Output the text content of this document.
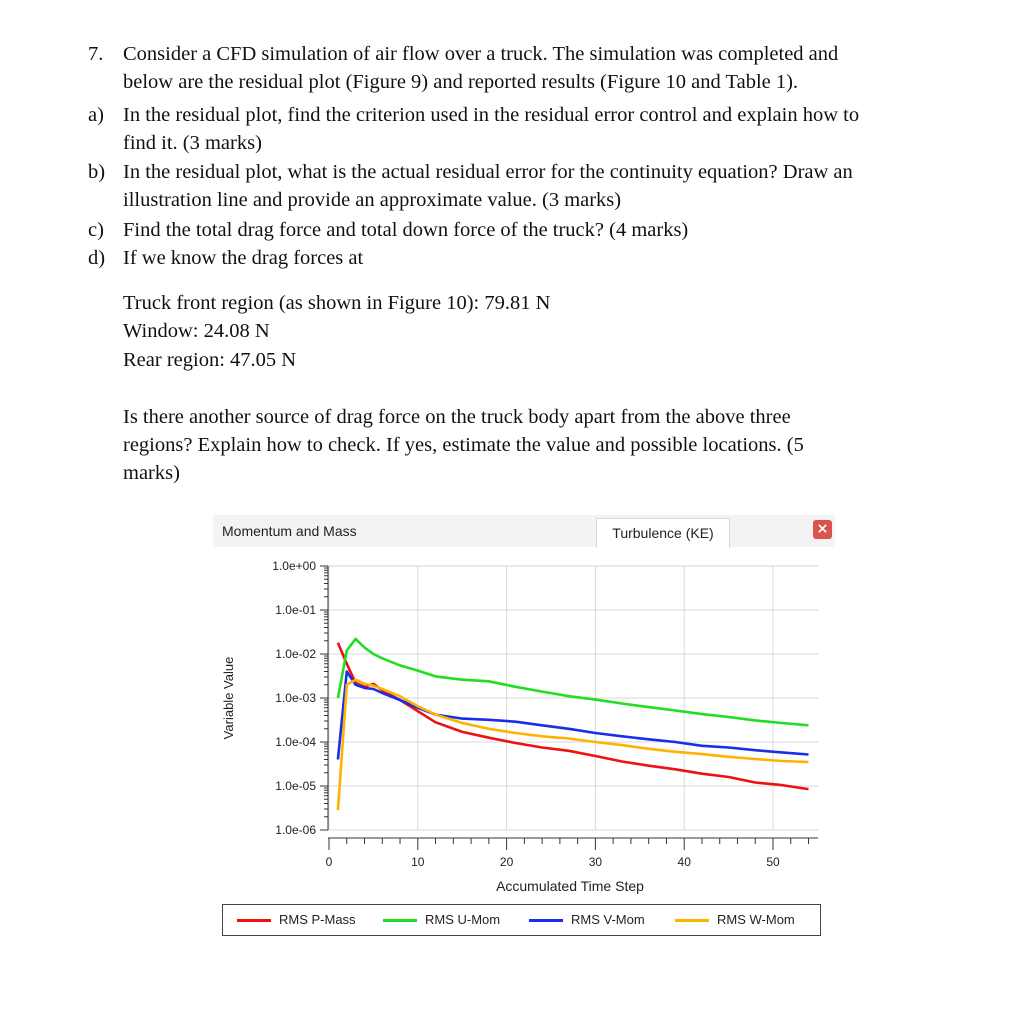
7. Consider a CFD simulation of air flow over a truck. The simulation was completed and
below are the residual plot (Figure 9) and reported results (Figure 10 and Table 1).
a) In the residual plot, find the criterion used in the residual error control and explain how to
find it. (3 marks)
b) In the residual plot, what is the actual residual error for the continuity equation? Draw an
illustration line and provide an approximate value. (3 marks)
c) Find the total drag force and total down force of the truck? (4 marks)
d) If we know the drag forces at
Truck front region (as shown in Figure 10): 79.81 N
Window: 24.08 N
Rear region: 47.05 N
Is there another source of drag force on the truck body apart from the above three
regions? Explain how to check. If yes, estimate the value and possible locations. (5
marks)
Momentum and Mass	Turbulence (KE)	×
1.0e+00
1.0e-01
1.0e-02
1.0e-03
1.0e-04
1.0e-05
1.0e-06
0	10	20	30	40	50
Accumulated Time Step
Variable Value
RMS P-Mass	RMS U-Mom	RMS V-Mom	RMS W-Mom
